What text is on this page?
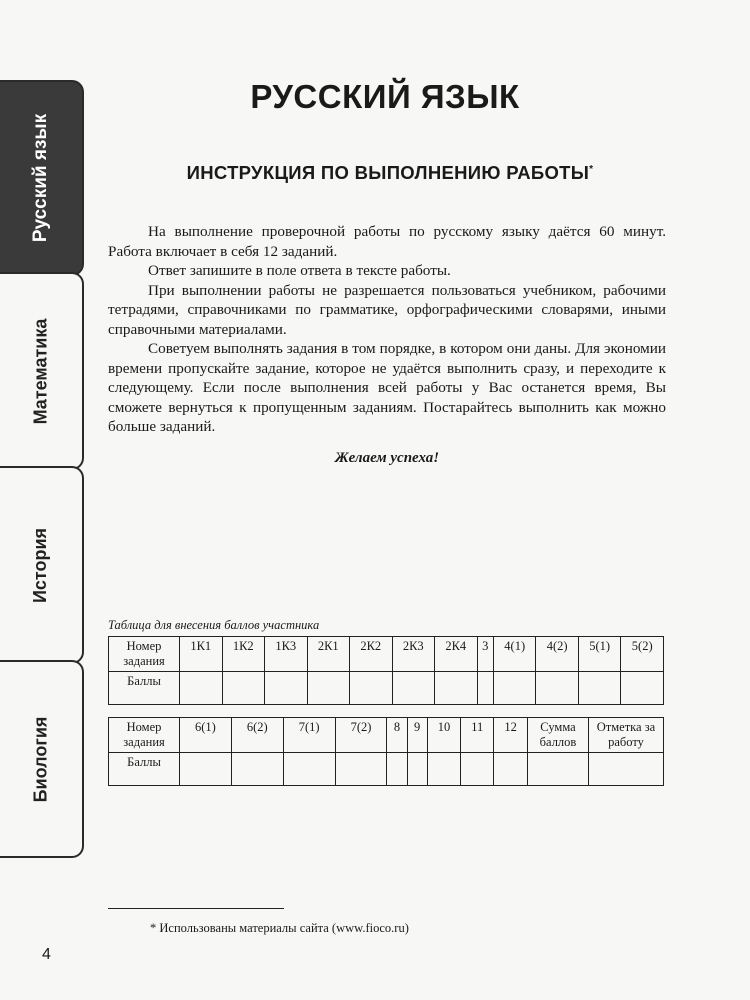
Русский язык
Математика
История
Биология
РУССКИЙ ЯЗЫК
ИНСТРУКЦИЯ ПО ВЫПОЛНЕНИЮ РАБОТЫ*

На выполнение проверочной работы по русскому языку даётся 60 минут. Работа включает в себя 12 заданий.

Ответ запишите в поле ответа в тексте работы.

При выполнении работы не разрешается пользоваться учебником, рабочими тетрадями, справочниками по грамматике, орфографическими словарями, иными справочными материалами.

Советуем выполнять задания в том порядке, в котором они даны. Для экономии времени пропускайте задание, которое не удаётся выполнить сразу, и переходите к следующему. Если после выполнения всей работы у Вас останется время, Вы сможете вернуться к пропущенным заданиям. Постарайтесь выполнить как можно больше заданий.

Желаем успеха!
Таблица для внесения баллов участника
Номер задания	1К1	1К2	1К3	2К1	2К2	2К3	2К4	3	4(1)	4(2)	5(1)	5(2)
Баллы												
Номер задания	6(1)	6(2)	7(1)	7(2)	8	9	10	11	12	Сумма баллов	Отметка за работу
Баллы											
* Использованы материалы сайта (www.fioco.ru)
4
